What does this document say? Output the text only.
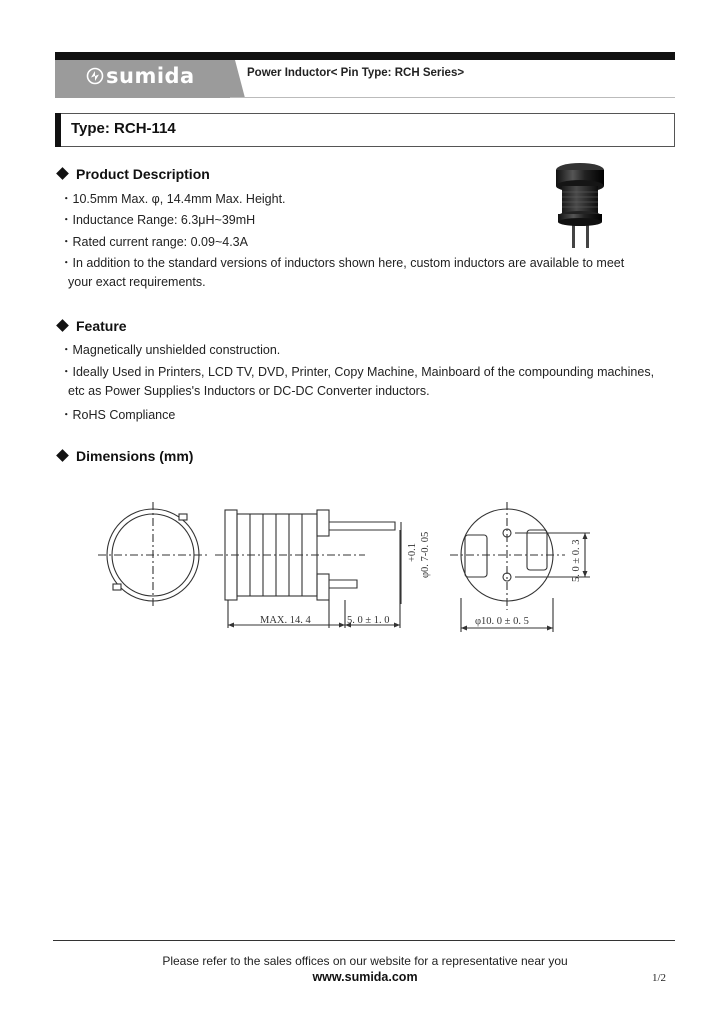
sumida	Power Inductor< Pin Type: RCH Series>
Type: RCH-114
Product Description
・10.5mm Max. φ, 14.4mm Max. Height.
・Inductance Range: 6.3μH~39mH
・Rated current range: 0.09~4.3A
・In addition to the standard versions of inductors shown here, custom inductors are available to meet
your exact requirements.
Feature
・Magnetically unshielded construction.
・Ideally Used in Printers, LCD TV, DVD, Printer, Copy Machine, Mainboard of the compounding machines,
etc as Power Supplies's Inductors or DC-DC Converter inductors.
・RoHS Compliance
Dimensions (mm)
MAX. 14. 4	5. 0 ± 1. 0	φ10. 0 ± 0. 5
+0.1 φ0. 7-0. 05	5. 0 ± 0. 3
Please refer to the sales offices on our website for a representative near you
www.sumida.com	1/2
